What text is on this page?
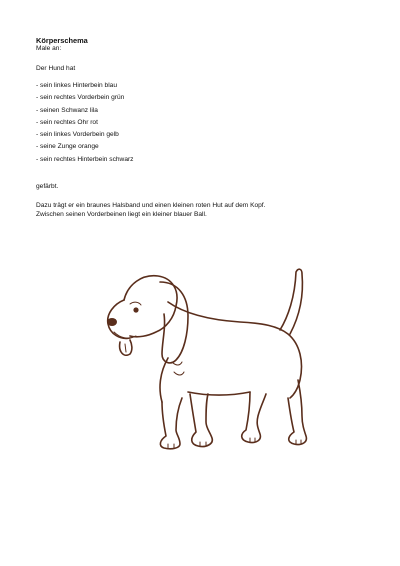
Körperschema
Male an:
Der Hund hat
- sein linkes Hinterbein blau
- sein rechtes Vorderbein grün
- seinen Schwanz lila
- sein rechtes Ohr rot
- sein linkes Vorderbein gelb
- seine Zunge orange
- sein rechtes Hinterbein schwarz
gefärbt.
Dazu trägt er ein braunes Halsband und einen kleinen roten Hut auf dem Kopf.
Zwischen seinen Vorderbeinen liegt ein kleiner blauer Ball.
